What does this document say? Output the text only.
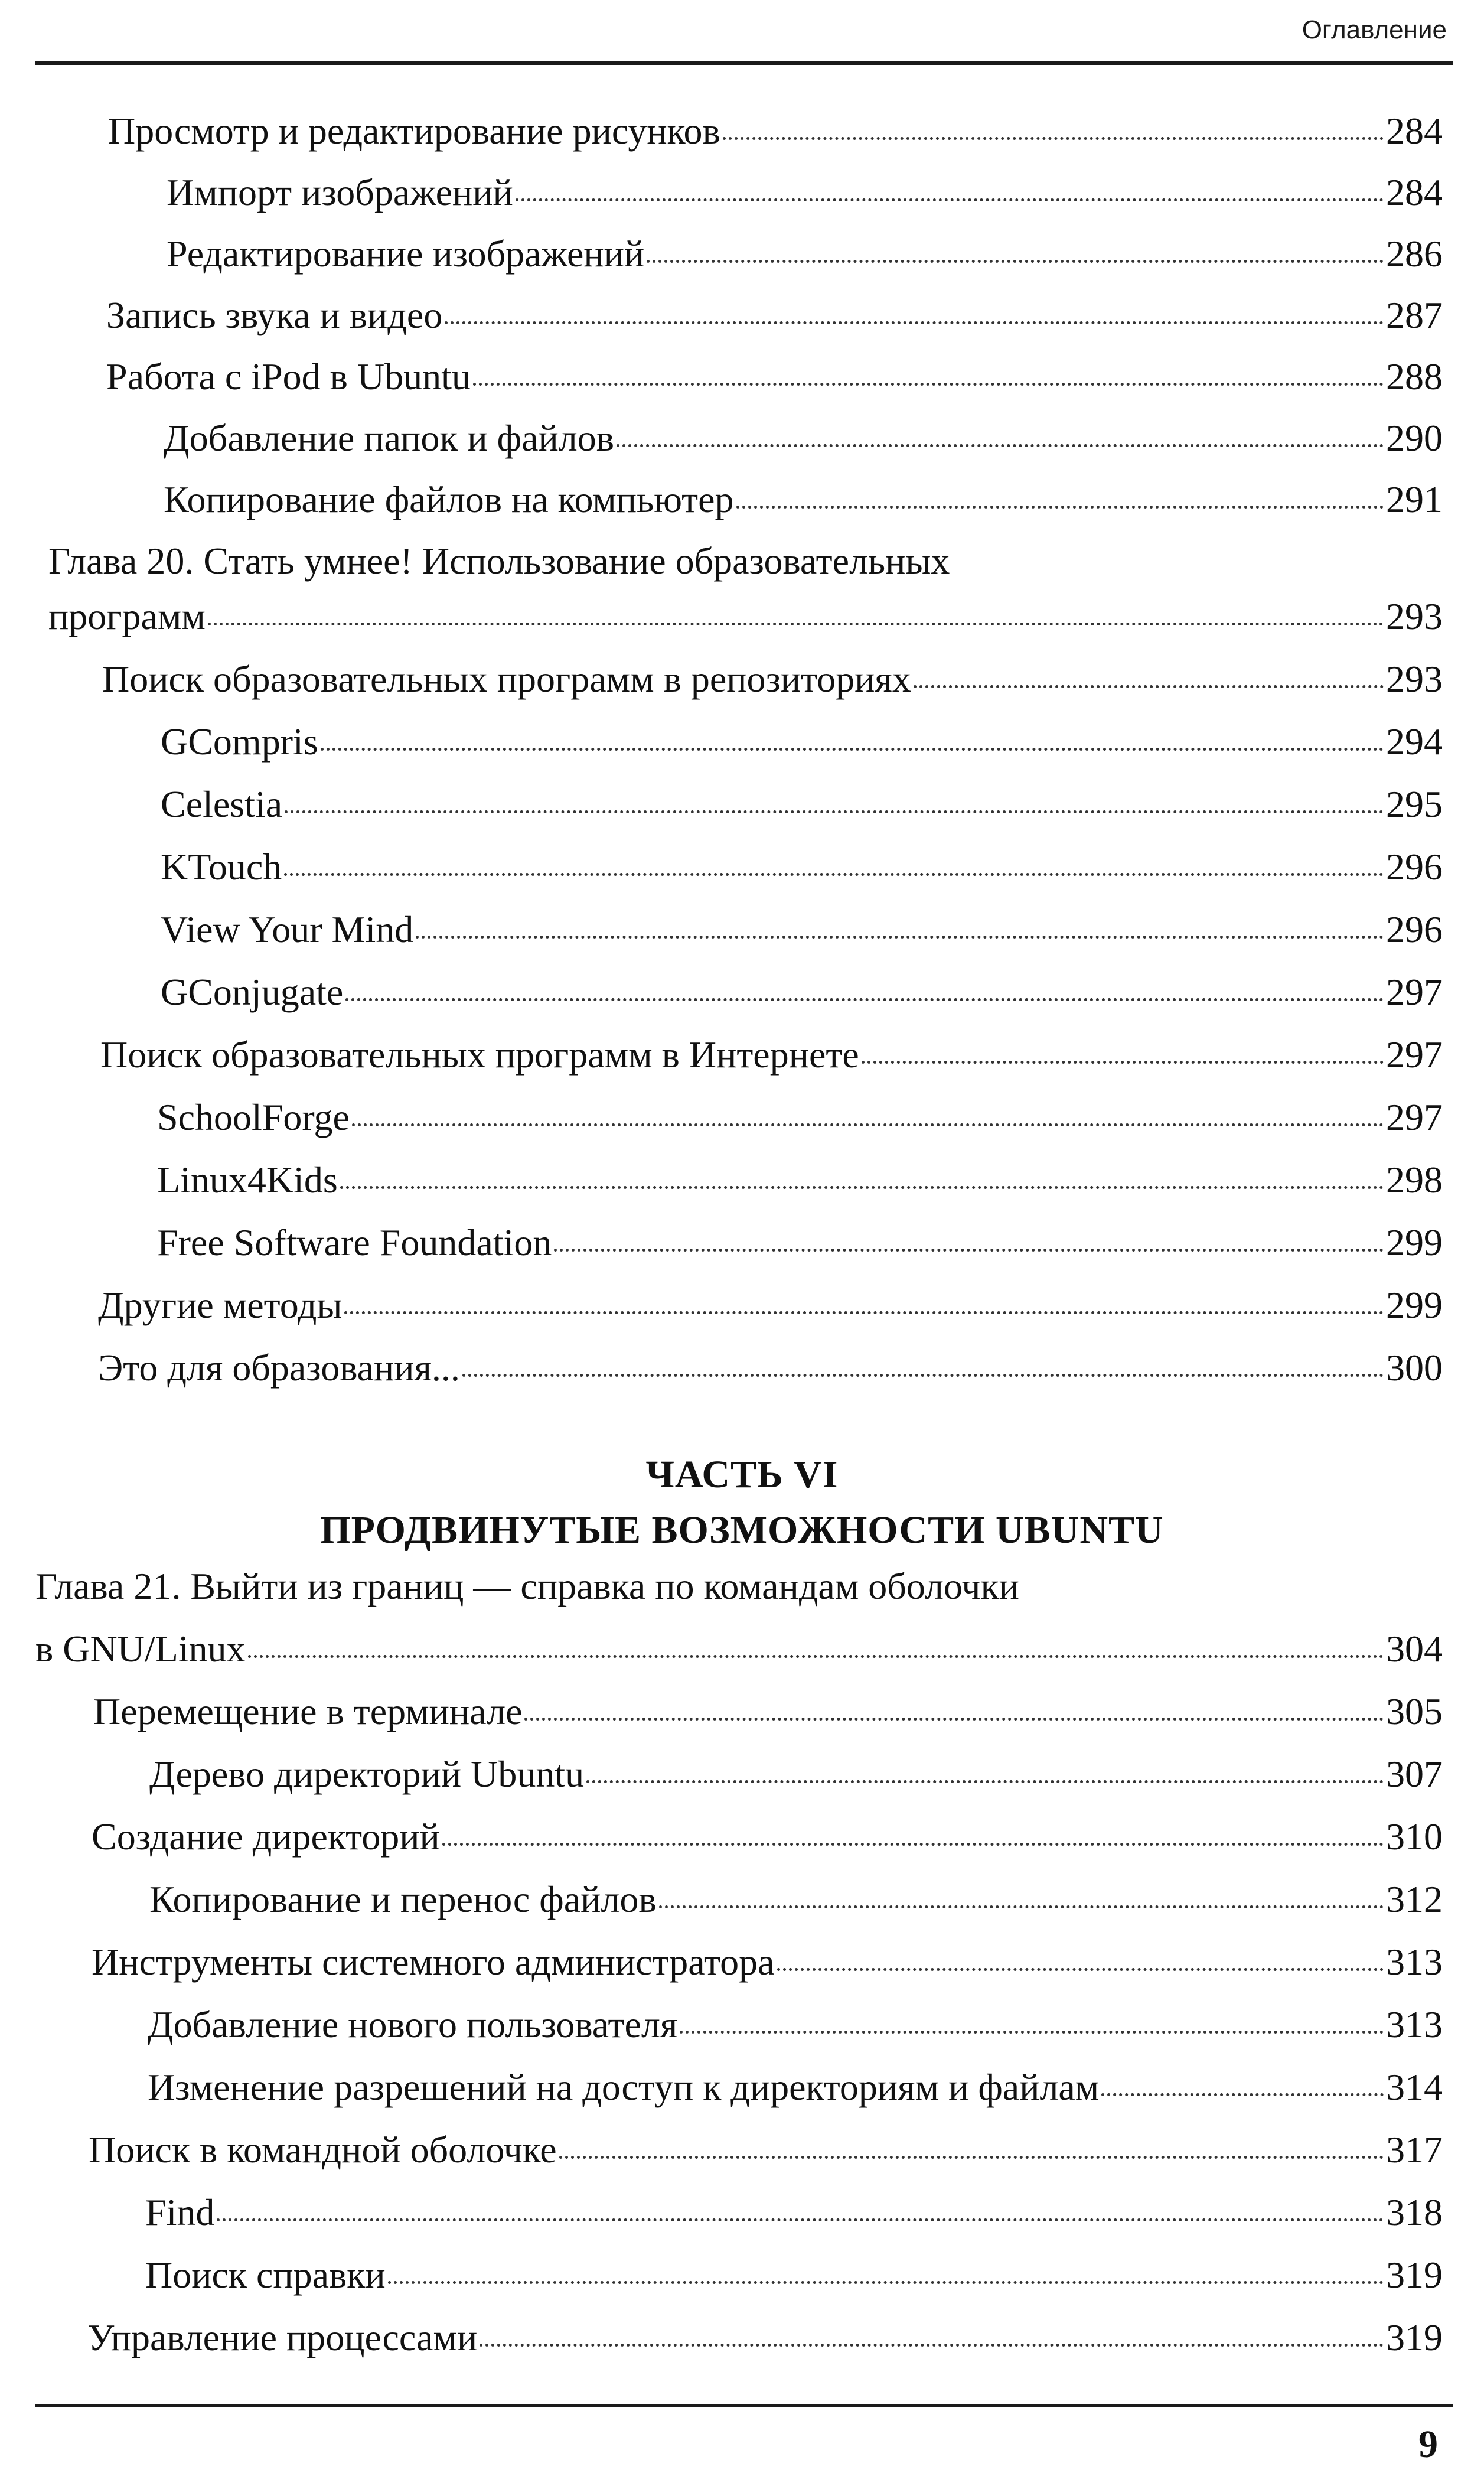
Оглавление
Просмотр и редактирование рисунков	284
Импорт изображений	284
Редактирование изображений	286
Запись звука и видео	287
Работа с iPod в Ubuntu	288
Добавление папок и файлов	290
Копирование файлов на компьютер	291
Глава 20. Стать умнее! Использование образовательных
программ	293
Поиск образовательных программ в репозиториях	293
GCompris	294
Celestia	295
KTouch	296
View Your Mind	296
GConjugate	297
Поиск образовательных программ в Интернете	297
SchoolForge	297
Linux4Kids	298
Free Software Foundation	299
Другие методы	299
Это для образования...	300
ЧАСТЬ VI
ПРОДВИНУТЫЕ ВОЗМОЖНОСТИ UBUNTU
Глава 21. Выйти из границ — справка по командам оболочки
в GNU/Linux	304
Перемещение в терминале	305
Дерево директорий Ubuntu	307
Создание директорий	310
Копирование и перенос файлов	312
Инструменты системного администратора	313
Добавление нового пользователя	313
Изменение разрешений на доступ к директориям и файлам	314
Поиск в командной оболочке	317
Find	318
Поиск справки	319
Управление процессами	319
9
